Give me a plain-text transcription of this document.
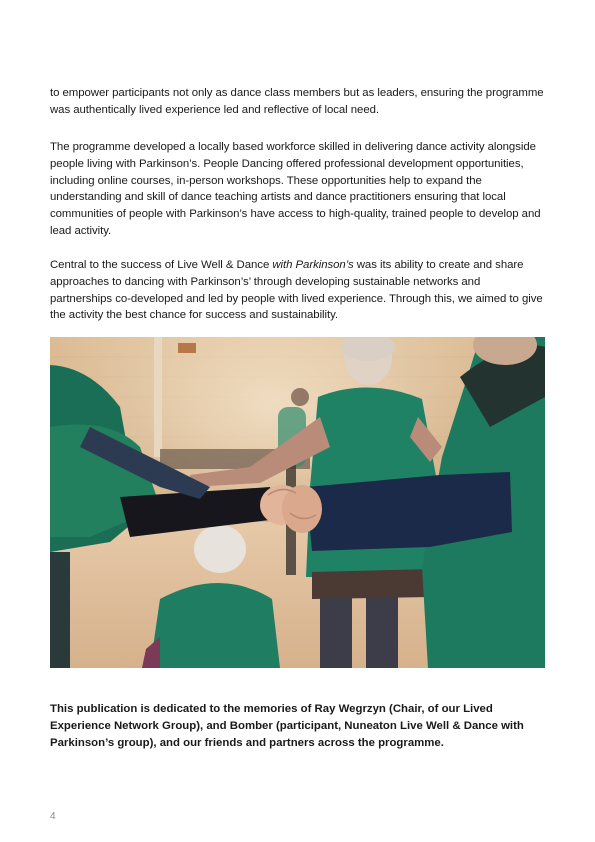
to empower participants not only as dance class members but as leaders, ensuring the programme was authentically lived experience led and reflective of local need.

The programme developed a locally based workforce skilled in delivering dance activity alongside people living with Parkinson’s. People Dancing offered professional development opportunities, including online courses, in-person workshops. These opportunities help to expand the understanding and skill of dance teaching artists and dance practitioners ensuring that local communities of people with Parkinson’s have access to high-quality, trained people to develop and lead activity.

Central to the success of Live Well & Dance with Parkinson’s was its ability to create and share approaches to dancing with Parkinson’s’ through developing sustainable networks and partnerships co-developed and led by people with lived experience. Through this, we aimed to give the activity the best chance for success and sustainability.

This publication is dedicated to the memories of Ray Wegrzyn (Chair, of our Lived Experience Network Group), and Bomber (participant, Nuneaton Live Well & Dance with Parkinson’s group), and our friends and partners across the programme.

4
